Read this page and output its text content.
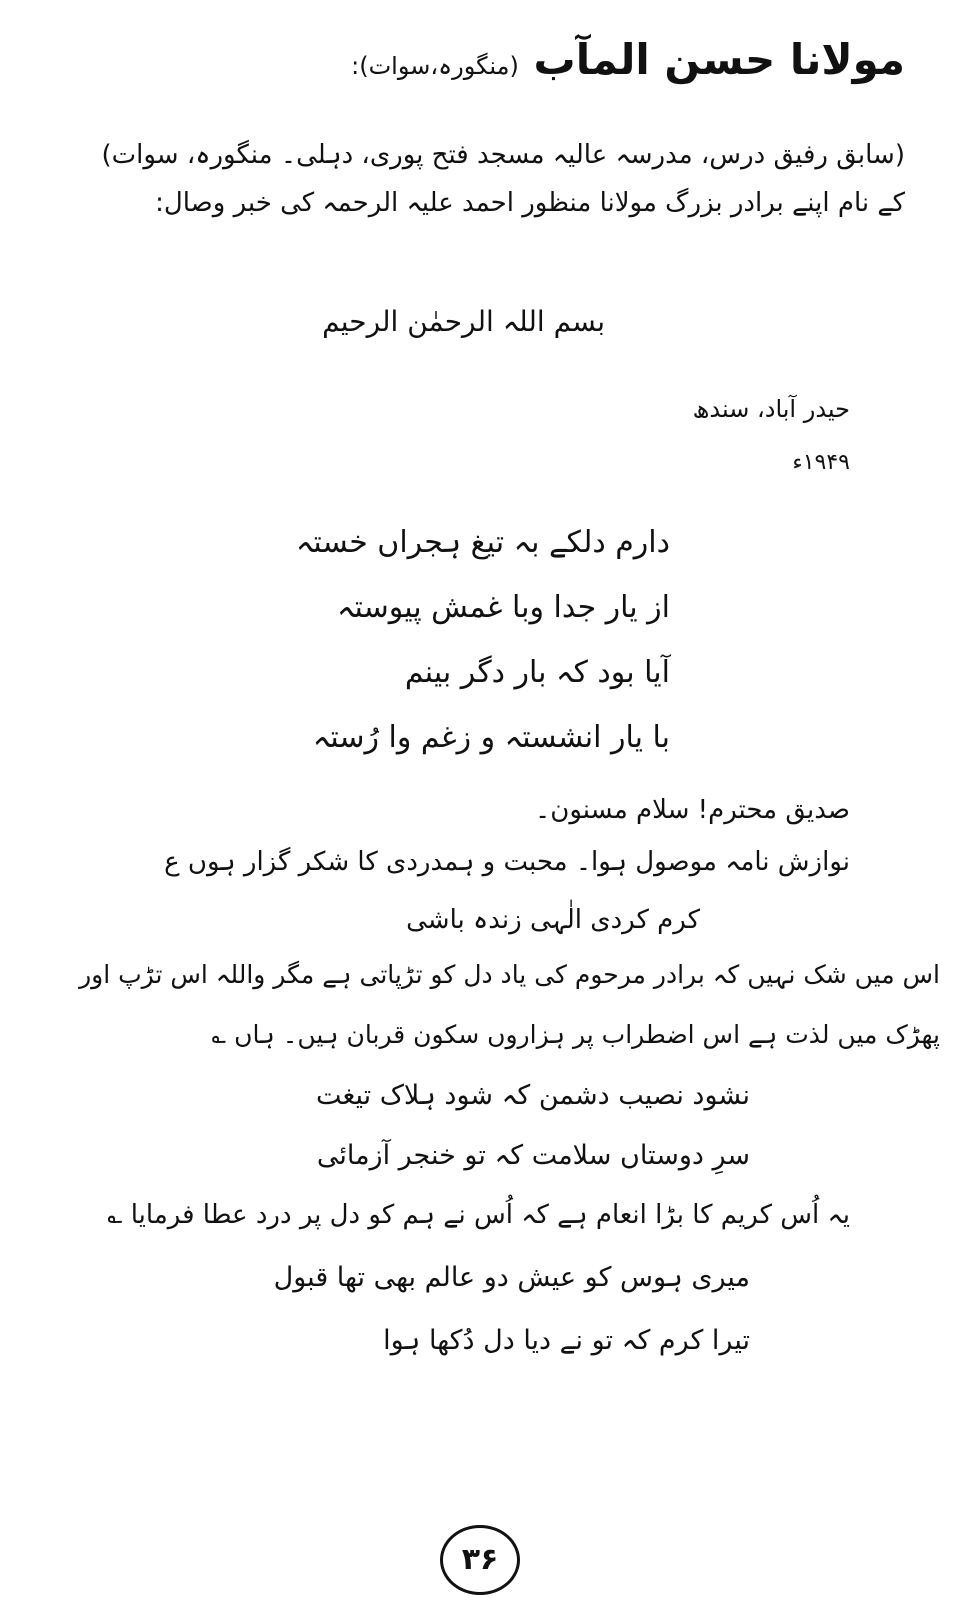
مولانا حسن المآب (منگورہ،سوات):
(سابق رفیق درس، مدرسہ عالیہ مسجد فتح پوری، دہلی۔ منگورہ، سوات)
کے نام اپنے برادر بزرگ مولانا منظور احمد علیہ الرحمہ کی خبر وصال:
بسم اللہ الرحمٰن الرحیم
حیدر آباد، سندھ
۱۹۴۹ء
دارم دلکے بہ تیغ ہجراں خستہ
از یار جدا وبا غمش پیوستہ
آیا بود کہ بار دگر بینم
با یار انشستہ و زغم وا رُستہ
صدیق محترم! سلام مسنون۔
نوازش نامہ موصول ہوا۔ محبت و ہمدردی کا شکر گزار ہوں ع
کرم کردی الٰہی زندہ باشی
اس میں شک نہیں کہ برادر مرحوم کی یاد دل کو تڑپاتی ہے مگر واللہ اس تڑپ اور
پھڑک میں لذت ہے اس اضطراب پر ہزاروں سکون قربان ہیں۔ ہاں ؎
نشود نصیب دشمن کہ شود ہلاک تیغت
سرِ دوستاں سلامت کہ تو خنجر آزمائی
یہ اُس کریم کا بڑا انعام ہے کہ اُس نے ہم کو دل پر درد عطا فرمایا ؎
میری ہوس کو عیش دو عالم بھی تھا قبول
تیرا کرم کہ تو نے دیا دل دُکھا ہوا
۳۶
